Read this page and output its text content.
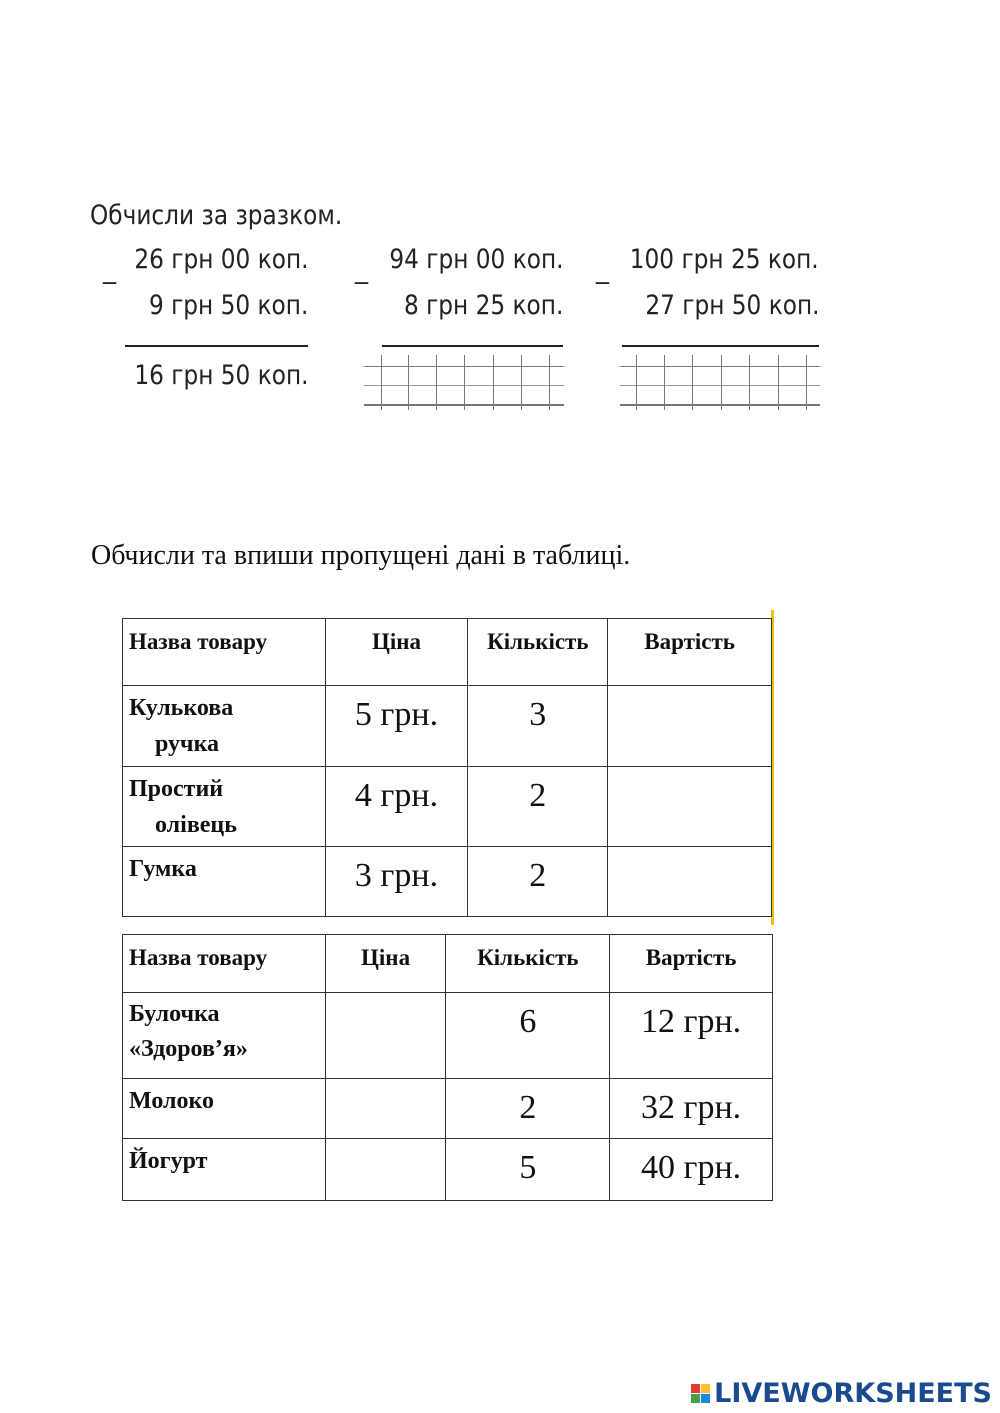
Обчисли за зразком.
_ 26 грн 00 коп.
9 грн 50 коп.
16 грн 50 коп.
_ 94 грн 00 коп.
8 грн 25 коп.
_ 100 грн 25 коп.
27 грн 50 коп.
Обчисли та впиши пропущені дані в таблиці.
Назва товару	Ціна	Кількість	Вартість
Кулькова
ручка	5 грн.	3	
Простий
олівець	4 грн.	2	
Гумка	3 грн.	2	
Назва товару	Ціна	Кількість	Вартість
Булочка
«Здоров’я»		6	12 грн.
Молоко		2	32 грн.
Йогурт		5	40 грн.
LIVEWORKSHEETS
